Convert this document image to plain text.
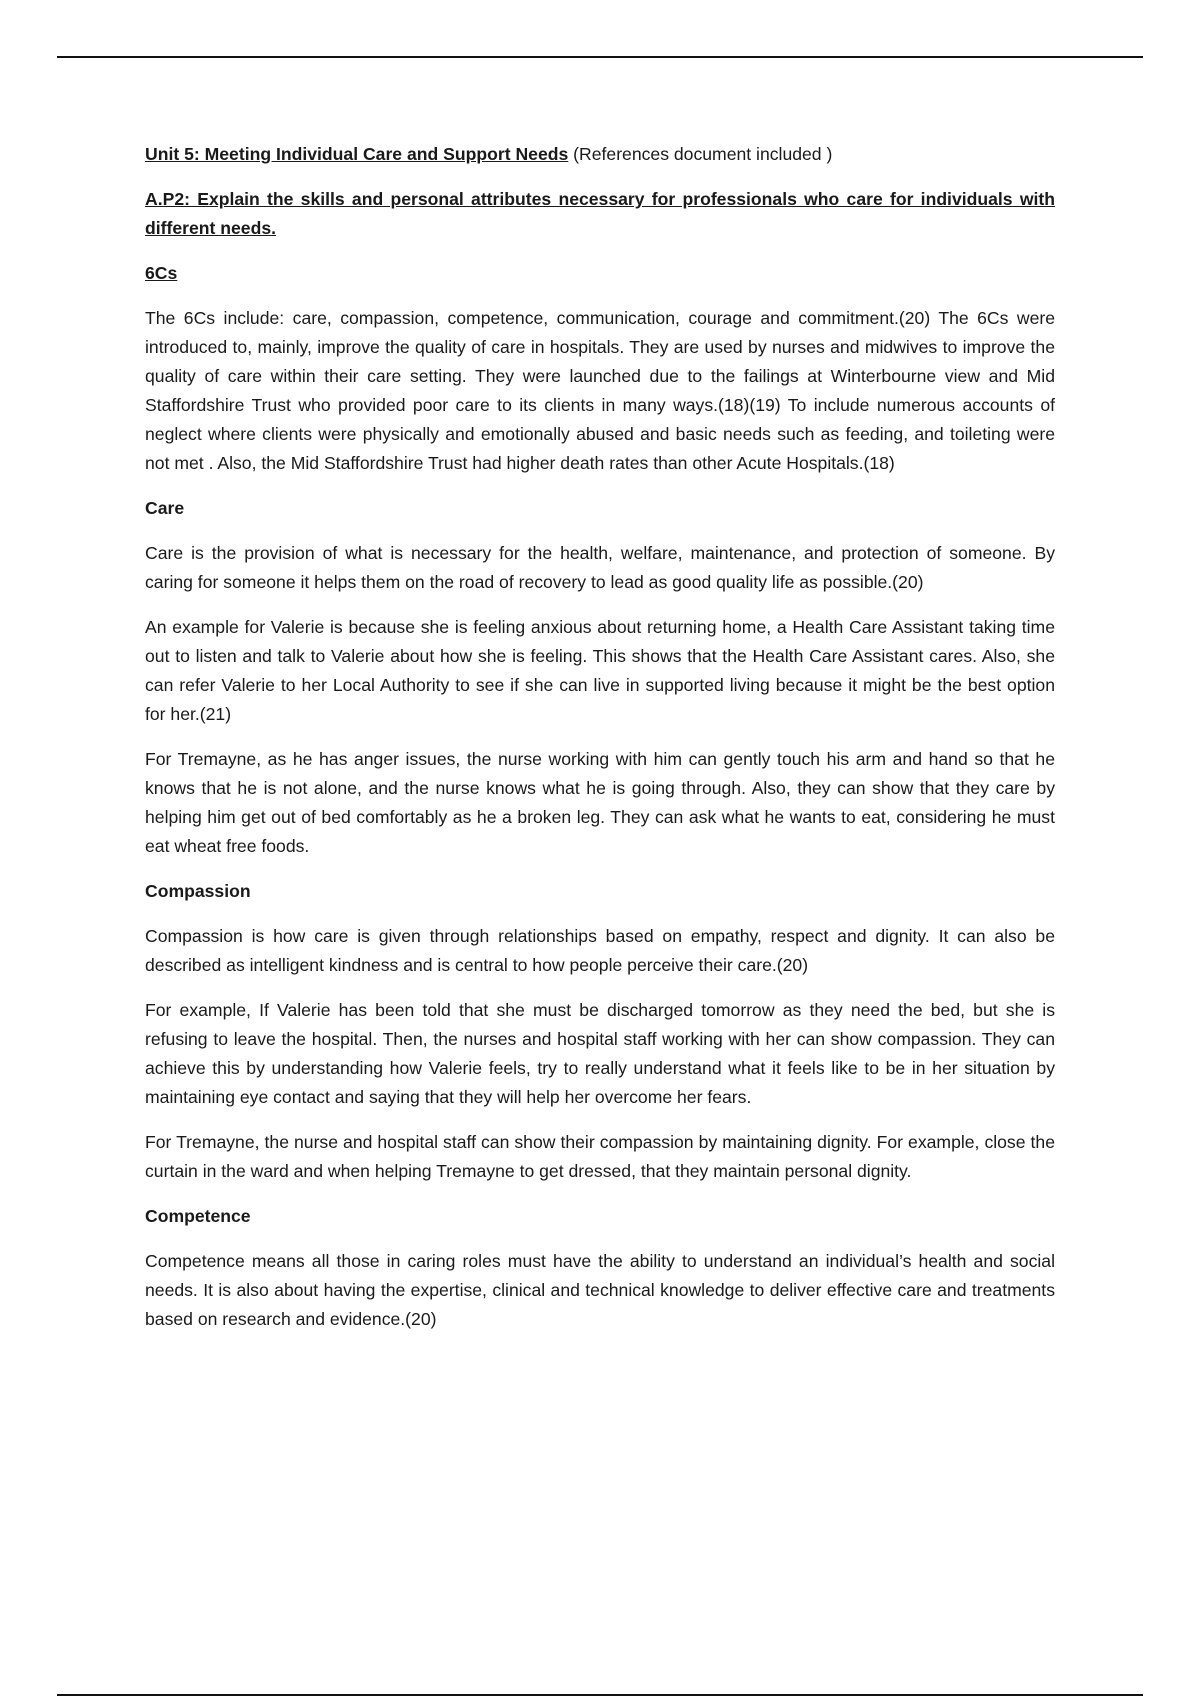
Unit 5: Meeting Individual Care and Support Needs (References document included )

A.P2: Explain the skills and personal attributes necessary for professionals who care for individuals with different needs.

6Cs

The 6Cs include: care, compassion, competence, communication, courage and commitment.(20) The 6Cs were introduced to, mainly, improve the quality of care in hospitals. They are used by nurses and midwives to improve the quality of care within their care setting. They were launched due to the failings at Winterbourne view and Mid Staffordshire Trust who provided poor care to its clients in many ways.(18)(19) To include numerous accounts of neglect where clients were physically and emotionally abused and basic needs such as feeding, and toileting were not met . Also, the Mid Staffordshire Trust had higher death rates than other Acute Hospitals.(18)

Care

Care is the provision of what is necessary for the health, welfare, maintenance, and protection of someone. By caring for someone it helps them on the road of recovery to lead as good quality life as possible.(20)

An example for Valerie is because she is feeling anxious about returning home, a Health Care Assistant taking time out to listen and talk to Valerie about how she is feeling. This shows that the Health Care Assistant cares. Also, she can refer Valerie to her Local Authority to see if she can live in supported living because it might be the best option for her.(21)

For Tremayne, as he has anger issues, the nurse working with him can gently touch his arm and hand so that he knows that he is not alone, and the nurse knows what he is going through. Also, they can show that they care by helping him get out of bed comfortably as he a broken leg. They can ask what he wants to eat, considering he must eat wheat free foods.

Compassion

Compassion is how care is given through relationships based on empathy, respect and dignity. It can also be described as intelligent kindness and is central to how people perceive their care.(20)

For example, If Valerie has been told that she must be discharged tomorrow as they need the bed, but she is refusing to leave the hospital. Then, the nurses and hospital staff working with her can show compassion. They can achieve this by understanding how Valerie feels, try to really understand what it feels like to be in her situation by maintaining eye contact and saying that they will help her overcome her fears.

For Tremayne, the nurse and hospital staff can show their compassion by maintaining dignity. For example, close the curtain in the ward and when helping Tremayne to get dressed, that they maintain personal dignity.

Competence

Competence means all those in caring roles must have the ability to understand an individual’s health and social needs. It is also about having the expertise, clinical and technical knowledge to deliver effective care and treatments based on research and evidence.(20)
